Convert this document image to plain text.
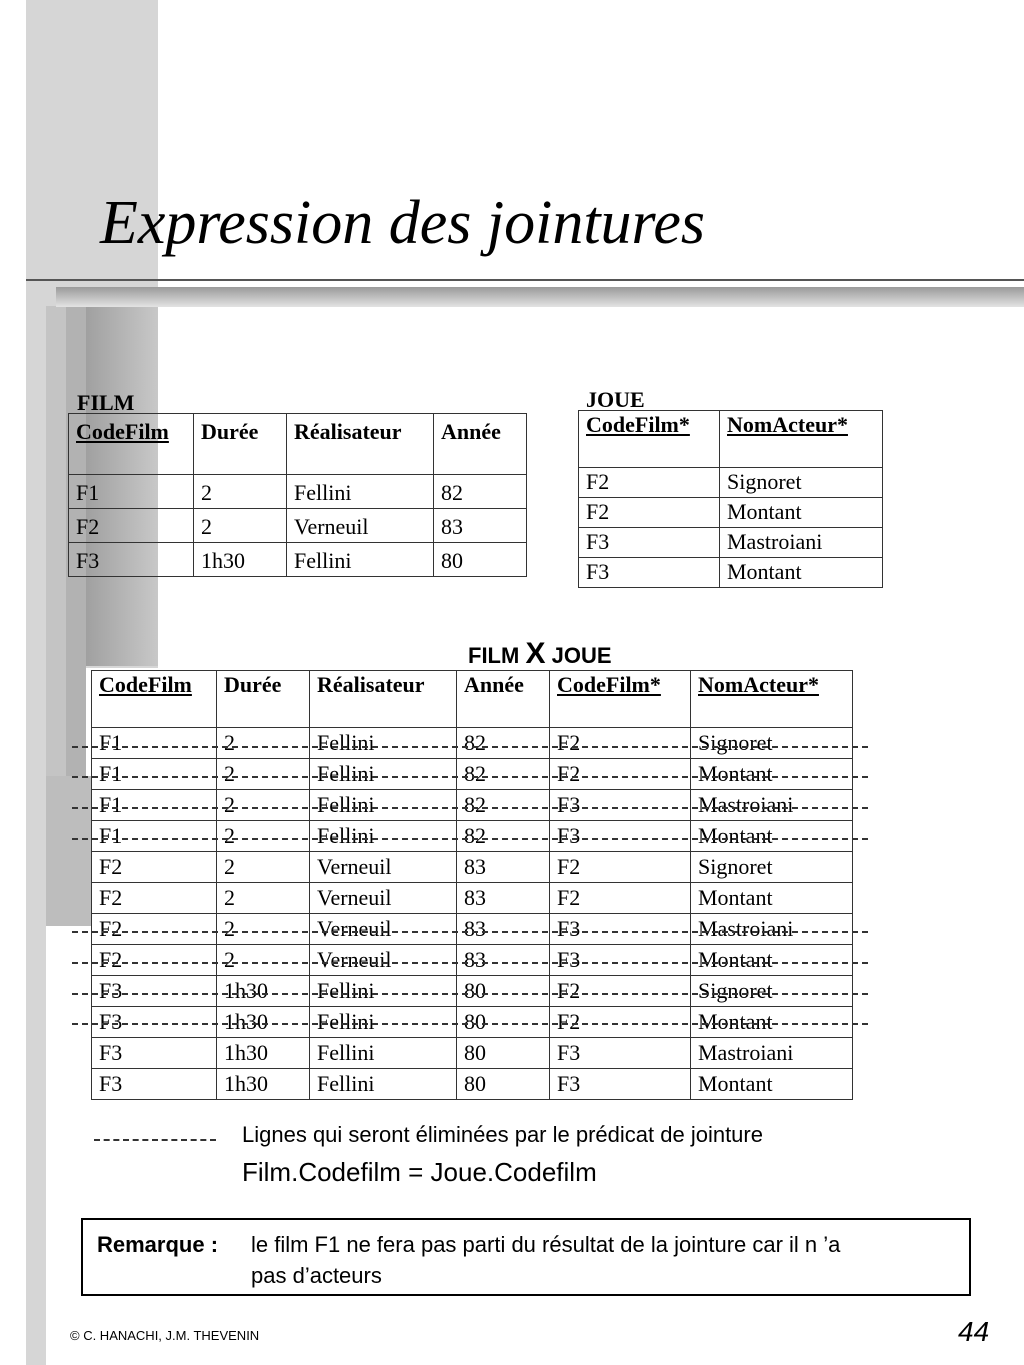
Expression des jointures
FILM
CodeFilm	Durée	Réalisateur	Année
F1	2	Fellini	82
F2	2	Verneuil	83
F3	1h30	Fellini	80
JOUE
CodeFilm*	NomActeur*
F2	Signoret
F2	Montant
F3	Mastroiani
F3	Montant
FILM X JOUE
CodeFilm	Durée	Réalisateur	Année	CodeFilm*	NomActeur*
F1	2	Fellini	82	F2	Signoret
F1	2	Fellini	82	F2	Montant
F1	2	Fellini	82	F3	Mastroiani
F1	2	Fellini	82	F3	Montant
F2	2	Verneuil	83	F2	Signoret
F2	2	Verneuil	83	F2	Montant
F2	2	Verneuil	83	F3	Mastroiani
F2	2	Verneuil	83	F3	Montant
F3	1h30	Fellini	80	F2	Signoret
F3	1h30	Fellini	80	F2	Montant
F3	1h30	Fellini	80	F3	Mastroiani
F3	1h30	Fellini	80	F3	Montant
Lignes qui seront éliminées par le prédicat de jointure
Film.Codefilm = Joue.Codefilm
Remarque : le film F1 ne fera pas parti du résultat de la jointure car il n ’a
pas d’acteurs
© C. HANACHI, J.M. THEVENIN	44
